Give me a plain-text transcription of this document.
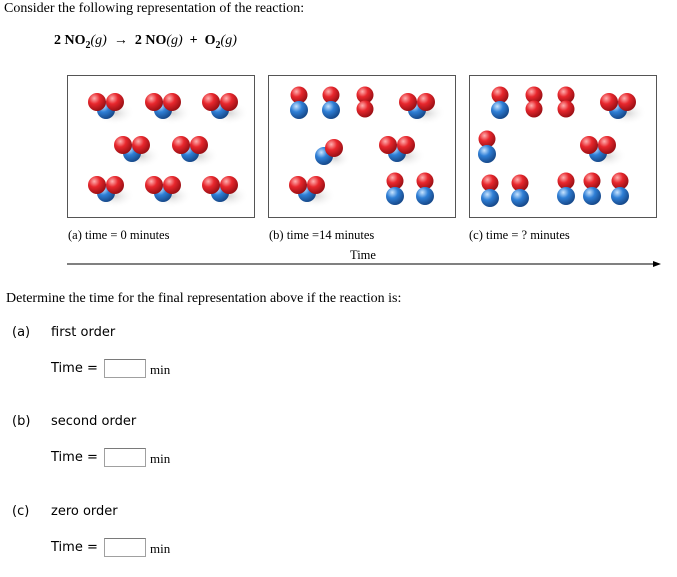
Consider the following representation of the reaction:
2 $NO_2(g) \to 2$ $NO(g) + O_2(g)$
(a) time = 0 minutes	(b) time =14 minutes	(c) time = ? minutes
Time
Determine the time for the final representation above if the reaction is:
(a) first order
Time =	min
(b) second order
Time =	min
(c) zero order
Time =	min
